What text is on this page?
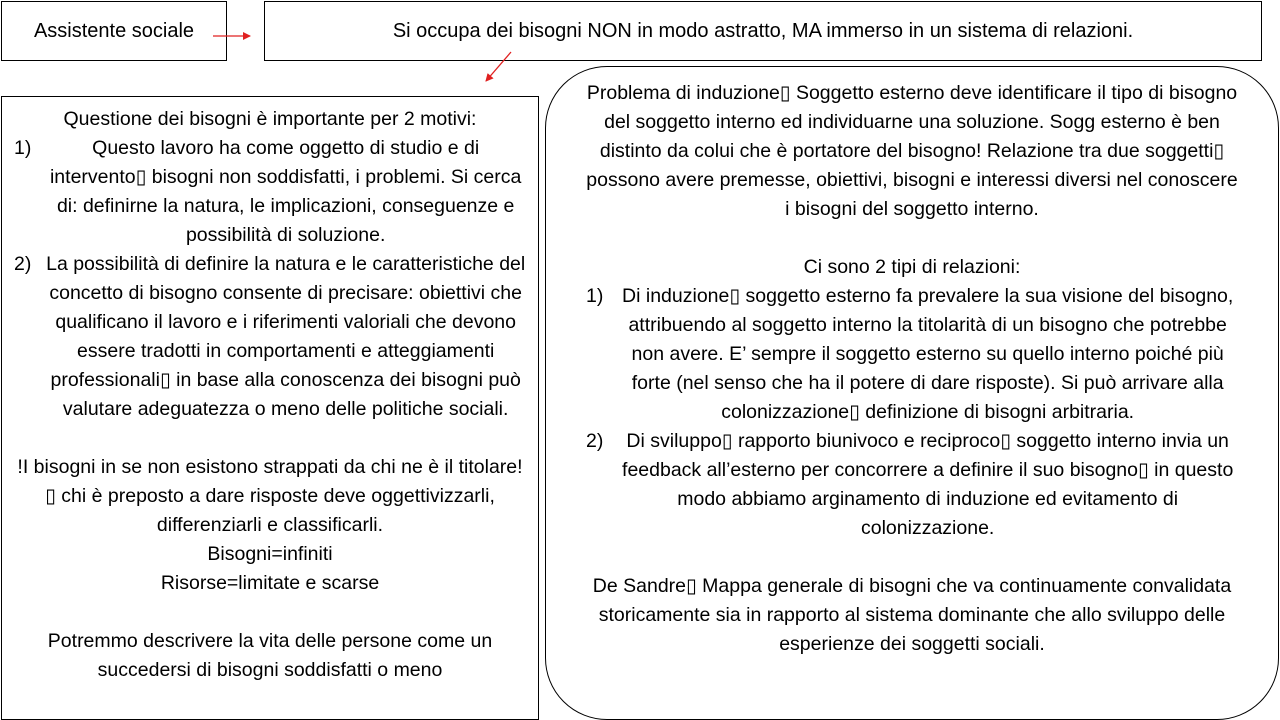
Assistente sociale	Si occupa dei bisogni NON in modo astratto, MA immerso in un sistema di relazioni.

Questione dei bisogni è importante per 2 motivi:

1)	Questo lavoro ha come oggetto di studio e di intervento▯ bisogni non soddisfatti, i problemi. Si cerca di: definirne la natura, le implicazioni, conseguenze e possibilità di soluzione.
2) La possibilità di definire la natura e le caratteristiche del concetto di bisogno consente di precisare: obiettivi che qualificano il lavoro e i riferimenti valoriali che devono essere tradotti in comportamenti e atteggiamenti professionali▯ in base alla conoscenza dei bisogni può valutare adeguatezza o meno delle politiche sociali.

!I bisogni in se non esistono strappati da chi ne è il titolare! ▯ chi è preposto a dare risposte deve oggettivizzarli, differenziarli e classificarli.

Bisogni=infiniti

Risorse=limitate e scarse

Potremmo descrivere la vita delle persone come un succedersi di bisogni soddisfatti o meno

Problema di induzione▯ Soggetto esterno deve identificare il tipo di bisogno del soggetto interno ed individuarne una soluzione. Sogg esterno è ben distinto da colui che è portatore del bisogno! Relazione tra due soggetti▯ possono avere premesse, obiettivi, bisogni e interessi diversi nel conoscere i bisogni del soggetto interno.

Ci sono 2 tipi di relazioni:

1) Di induzione▯ soggetto esterno fa prevalere la sua visione del bisogno, attribuendo al soggetto interno la titolarità di un bisogno che potrebbe non avere. E’ sempre il soggetto esterno su quello interno poiché più forte (nel senso che ha il potere di dare risposte). Si può arrivare alla colonizzazione▯ definizione di bisogni arbitraria.
2)	Di sviluppo▯ rapporto biunivoco e reciproco▯ soggetto interno invia un feedback all’esterno per concorrere a definire il suo bisogno▯ in questo modo abbiamo arginamento di induzione ed evitamento di colonizzazione.

De Sandre▯ Mappa generale di bisogni che va continuamente convalidata storicamente sia in rapporto al sistema dominante che allo sviluppo delle esperienze dei soggetti sociali.
